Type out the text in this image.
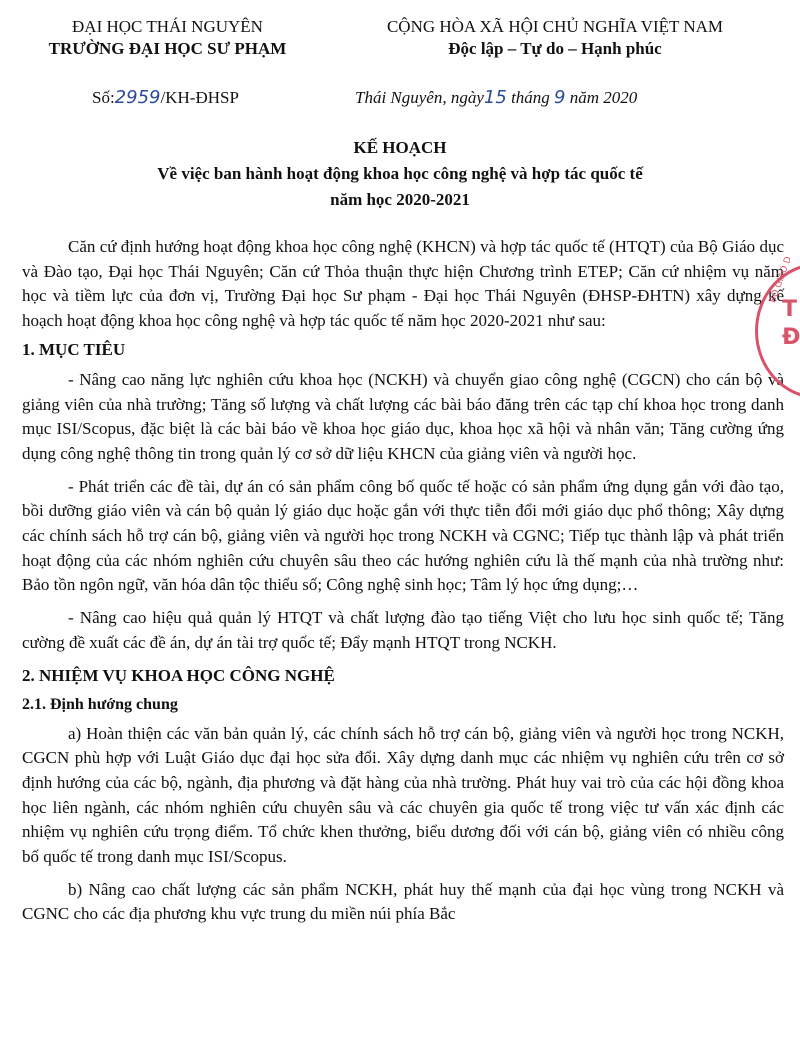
ĐẠI HỌC THÁI NGUYÊN
TRƯỜNG ĐẠI HỌC SƯ PHẠM
CỘNG HÒA XÃ HỘI CHỦ NGHĨA VIỆT NAM
Độc lập – Tự do – Hạnh phúc
Số:2959/KH-ĐHSP	Thái Nguyên, ngày15 tháng 9 năm 2020
KẾ HOẠCH
Về việc ban hành hoạt động khoa học công nghệ và hợp tác quốc tế
năm học 2020-2021

Căn cứ định hướng hoạt động khoa học công nghệ (KHCN) và hợp tác quốc tế (HTQT) của Bộ Giáo dục và Đào tạo, Đại học Thái Nguyên; Căn cứ Thỏa thuận thực hiện Chương trình ETEP; Căn cứ nhiệm vụ năm học và tiềm lực của đơn vị, Trường Đại học Sư phạm - Đại học Thái Nguyên (ĐHSP-ĐHTN) xây dựng kế hoạch hoạt động khoa học công nghệ và hợp tác quốc tế năm học 2020-2021 như sau:

1. MỤC TIÊU

- Nâng cao năng lực nghiên cứu khoa học (NCKH) và chuyển giao công nghệ (CGCN) cho cán bộ và giảng viên của nhà trường; Tăng số lượng và chất lượng các bài báo đăng trên các tạp chí khoa học trong danh mục ISI/Scopus, đặc biệt là các bài báo về khoa học giáo dục, khoa học xã hội và nhân văn; Tăng cường ứng dụng công nghệ thông tin trong quản lý cơ sở dữ liệu KHCN của giảng viên và người học.

- Phát triển các đề tài, dự án có sản phẩm công bố quốc tế hoặc có sản phẩm ứng dụng gắn với đào tạo, bồi dưỡng giáo viên và cán bộ quản lý giáo dục hoặc gắn với thực tiễn đổi mới giáo dục phổ thông; Xây dựng các chính sách hỗ trợ cán bộ, giảng viên và người học trong NCKH và CGNC; Tiếp tục thành lập và phát triển hoạt động của các nhóm nghiên cứu chuyên sâu theo các hướng nghiên cứu là thế mạnh của nhà trường như: Bảo tồn ngôn ngữ, văn hóa dân tộc thiểu số; Công nghệ sinh học; Tâm lý học ứng dụng;…

- Nâng cao hiệu quả quản lý HTQT và chất lượng đào tạo tiếng Việt cho lưu học sinh quốc tế; Tăng cường đề xuất các đề án, dự án tài trợ quốc tế; Đẩy mạnh HTQT trong NCKH.

2. NHIỆM VỤ KHOA HỌC CÔNG NGHỆ
2.1. Định hướng chung

a) Hoàn thiện các văn bản quản lý, các chính sách hỗ trợ cán bộ, giảng viên và người học trong NCKH, CGCN phù hợp với Luật Giáo dục đại học sửa đổi. Xây dựng danh mục các nhiệm vụ nghiên cứu trên cơ sở định hướng của các bộ, ngành, địa phương và đặt hàng của nhà trường. Phát huy vai trò của các hội đồng khoa học liên ngành, các nhóm nghiên cứu chuyên sâu và các chuyên gia quốc tế trong việc tư vấn xác định các nhiệm vụ nghiên cứu trọng điểm. Tổ chức khen thưởng, biểu dương đối với cán bộ, giảng viên có nhiều công bố quốc tế trong danh mục ISI/Scopus.

b) Nâng cao chất lượng các sản phẩm NCKH, phát huy thế mạnh của đại học vùng trong NCKH và CGNC cho các địa phương khu vực trung du miền núi phía Bắc

BỘ GIÁO D
T
Đ
